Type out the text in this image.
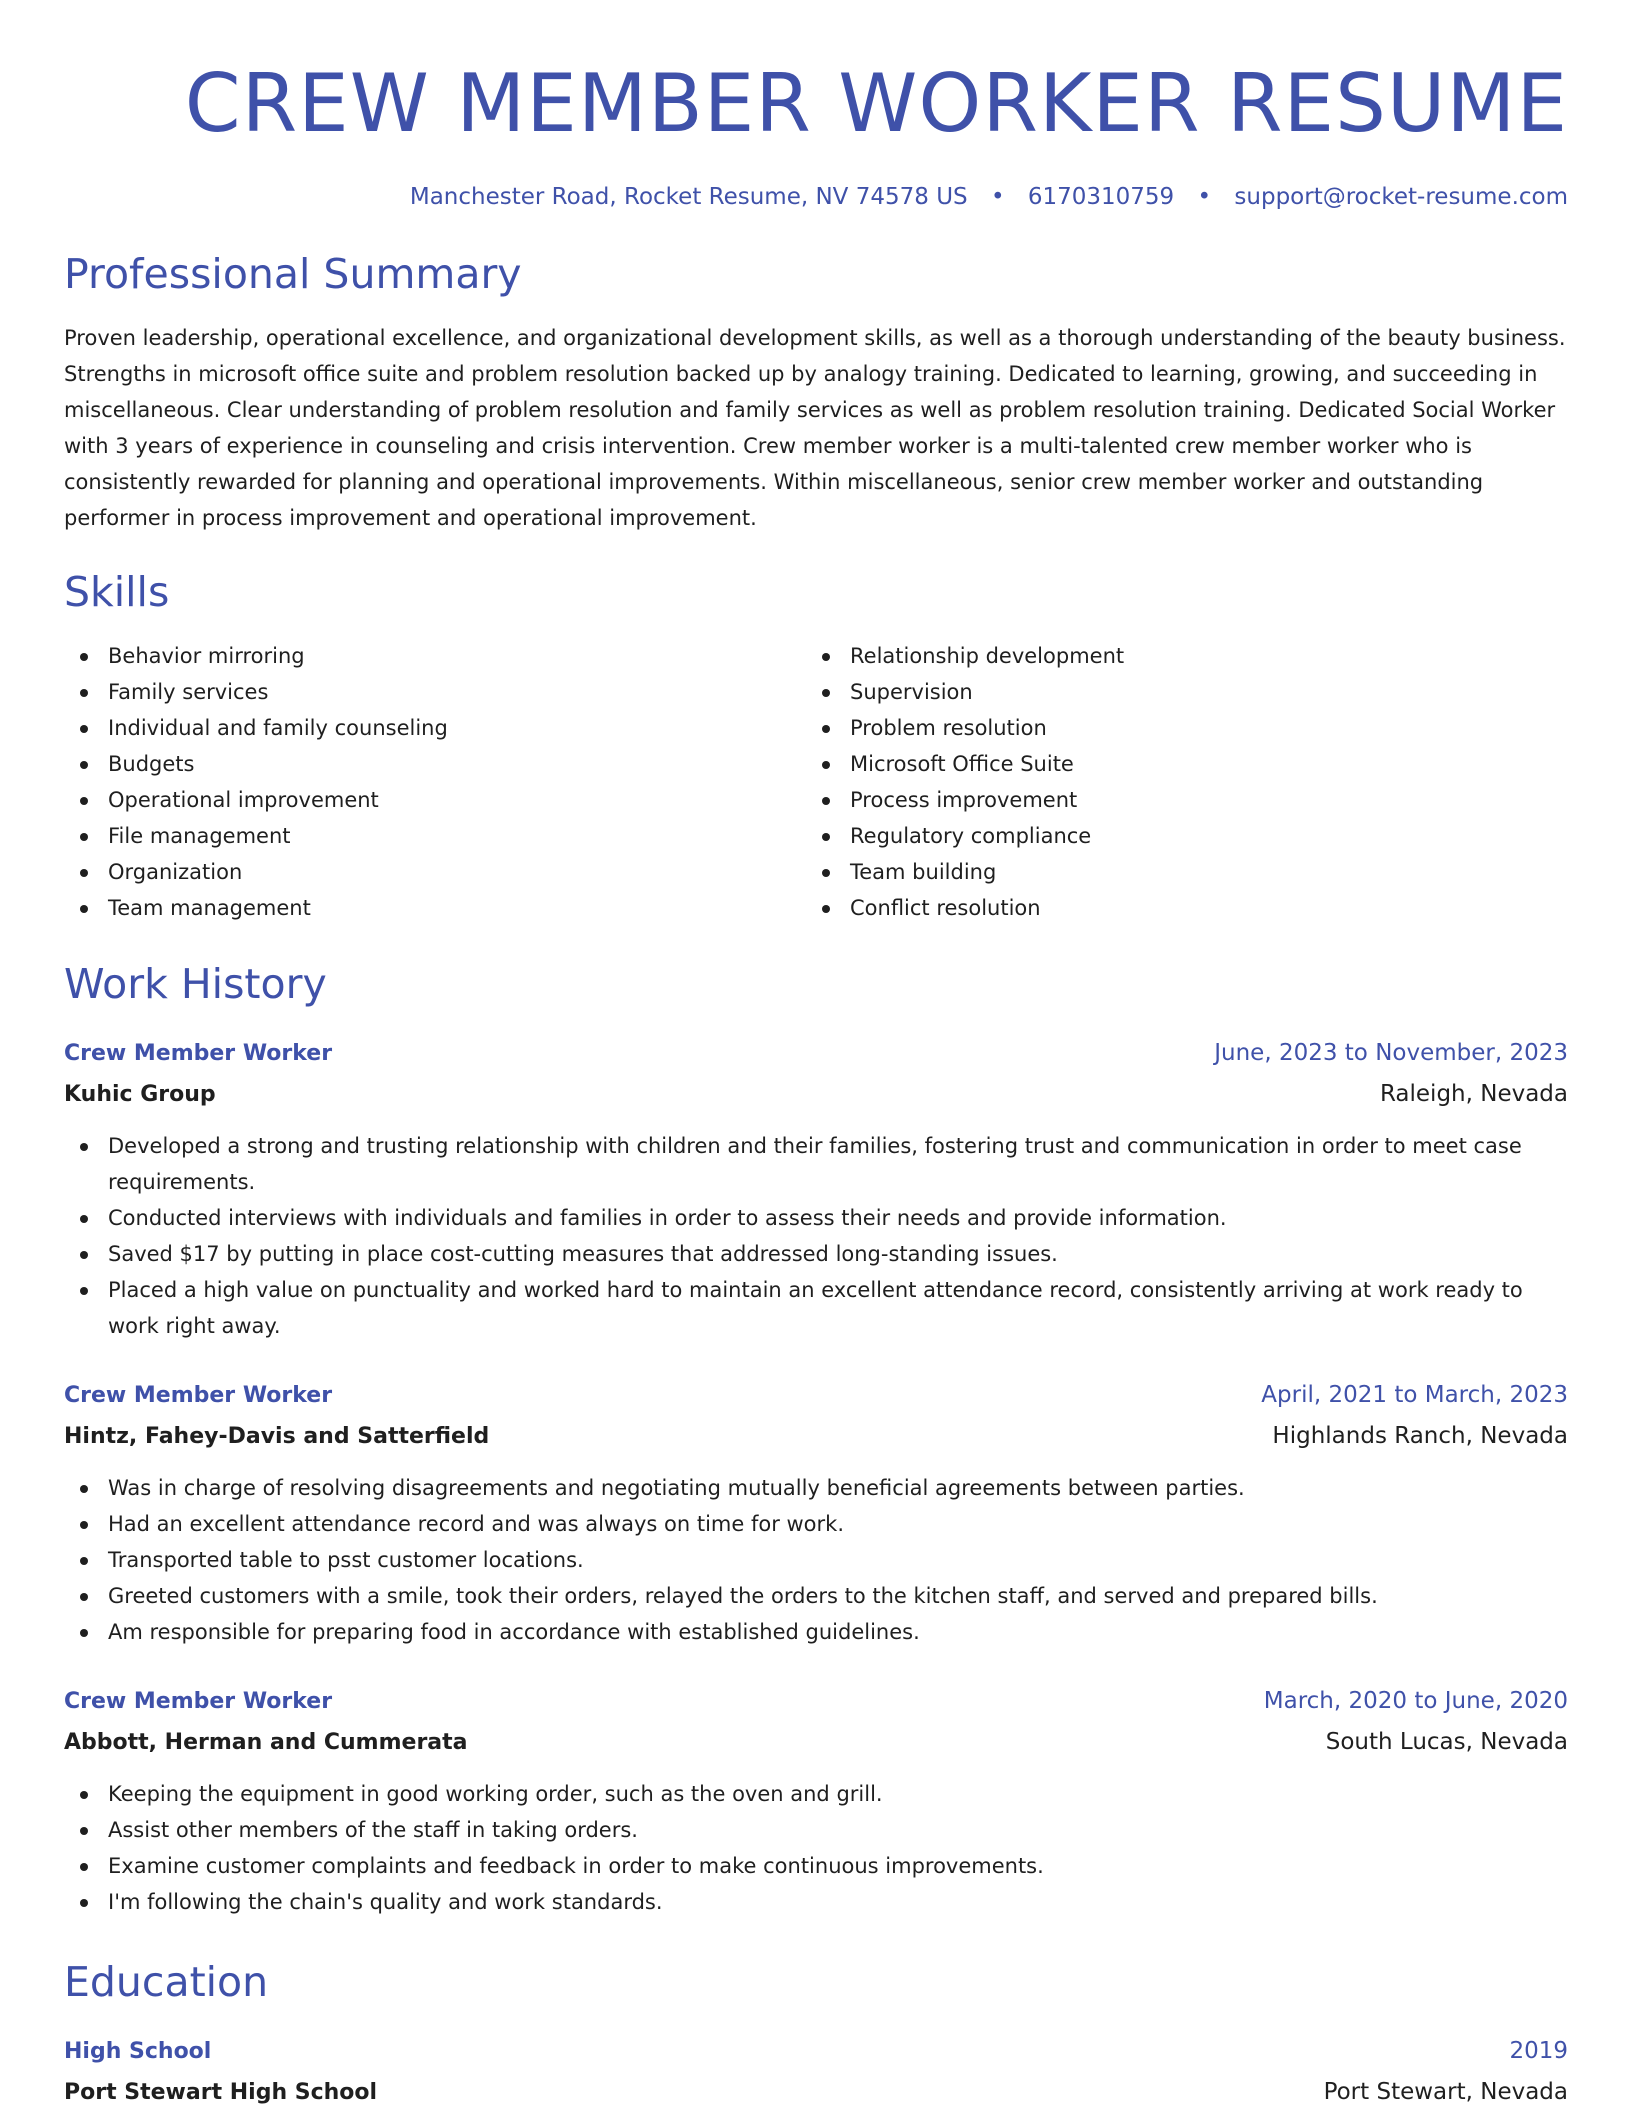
CREW MEMBER WORKER RESUME
Manchester Road, Rocket Resume, NV 74578 US • 6170310759 • support@rocket-resume.com
Professional Summary

Proven leadership, operational excellence, and organizational development skills, as well as a thorough understanding of the beauty business. Strengths in microsoft office suite and problem resolution backed up by analogy training. Dedicated to learning, growing, and succeeding in miscellaneous. Clear understanding of problem resolution and family services as well as problem resolution training. Dedicated Social Worker with 3 years of experience in counseling and crisis intervention. Crew member worker is a multi-talented crew member worker who is consistently rewarded for planning and operational improvements. Within miscellaneous, senior crew member worker and outstanding performer in process improvement and operational improvement.

Skills
Behavior mirroring
Family services
Individual and family counseling
Budgets
Operational improvement
File management
Organization
Team management
Relationship development
Supervision
Problem resolution
Microsoft Office Suite
Process improvement
Regulatory compliance
Team building
Conflict resolution
Work History
Crew Member Worker	June, 2023 to November, 2023
Kuhic Group	Raleigh, Nevada
Developed a strong and trusting relationship with children and their families, fostering trust and communication in order to meet case requirements.
Conducted interviews with individuals and families in order to assess their needs and provide information.
Saved $17 by putting in place cost-cutting measures that addressed long-standing issues.
Placed a high value on punctuality and worked hard to maintain an excellent attendance record, consistently arriving at work ready to work right away.
Crew Member Worker	April, 2021 to March, 2023
Hintz, Fahey-Davis and Satterfield	Highlands Ranch, Nevada
Was in charge of resolving disagreements and negotiating mutually beneficial agreements between parties.
Had an excellent attendance record and was always on time for work.
Transported table to psst customer locations.
Greeted customers with a smile, took their orders, relayed the orders to the kitchen staff, and served and prepared bills.
Am responsible for preparing food in accordance with established guidelines.
Crew Member Worker	March, 2020 to June, 2020
Abbott, Herman and Cummerata	South Lucas, Nevada
Keeping the equipment in good working order, such as the oven and grill.
Assist other members of the staff in taking orders.
Examine customer complaints and feedback in order to make continuous improvements.
I'm following the chain's quality and work standards.
Education
High School	2019
Port Stewart High School	Port Stewart, Nevada
